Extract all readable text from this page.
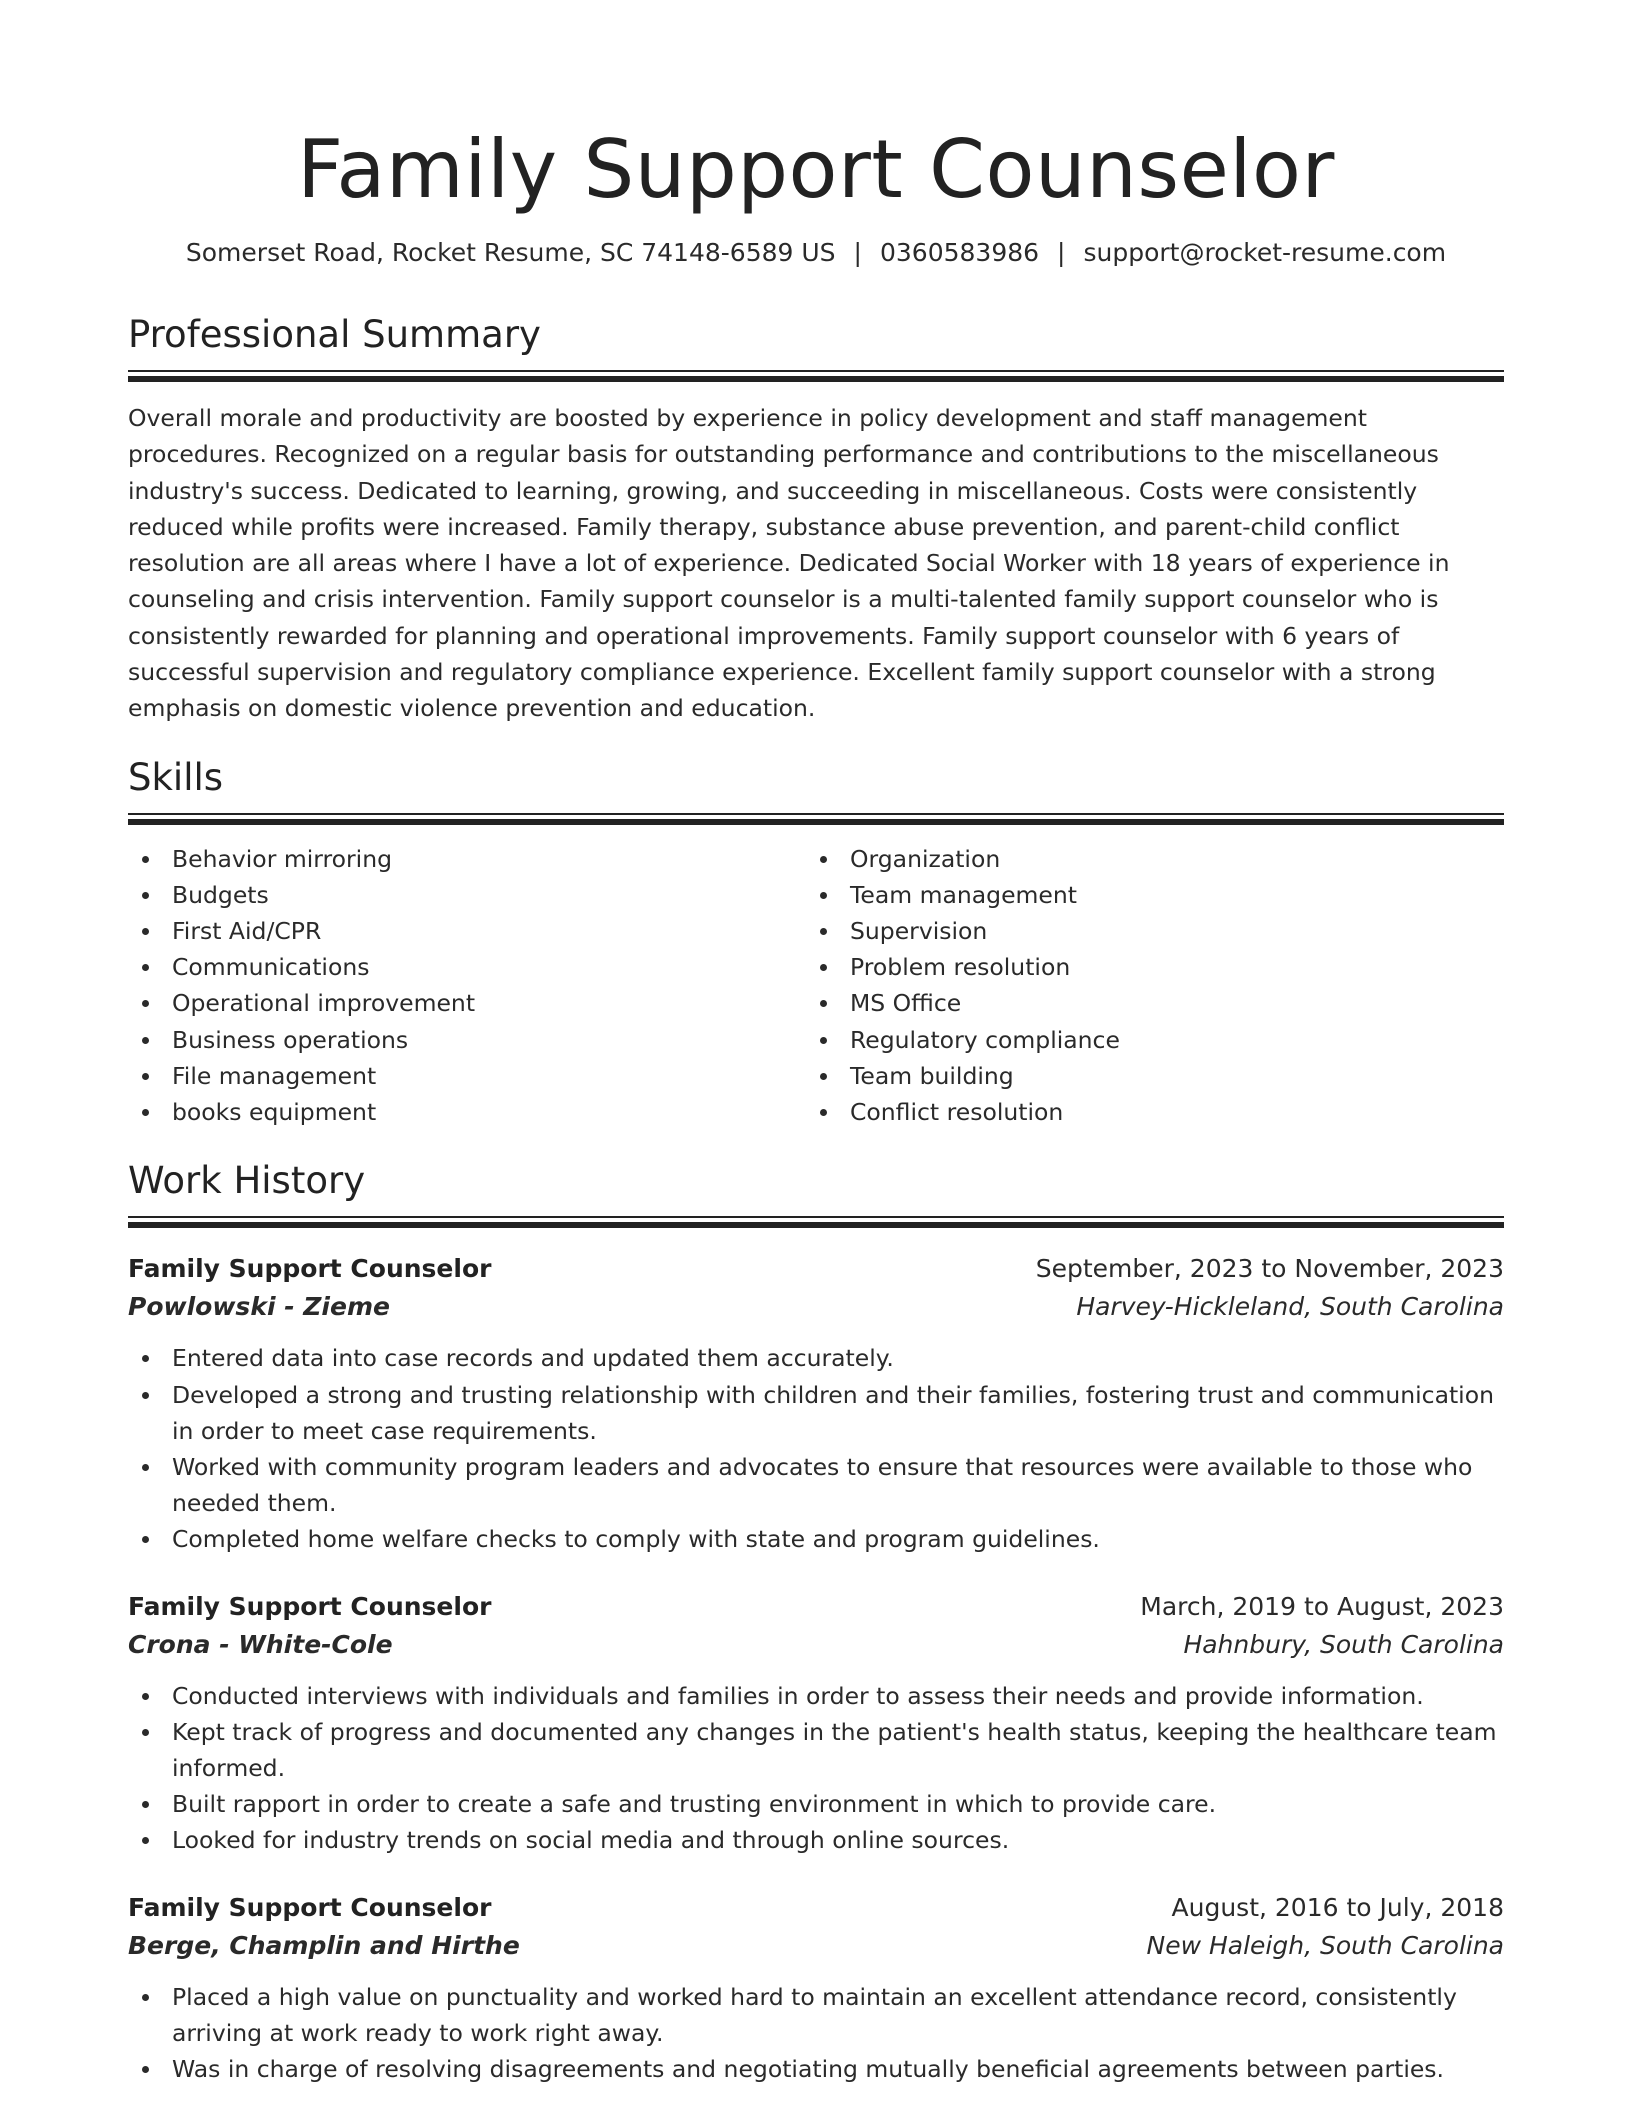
Family Support Counselor
Somerset Road, Rocket Resume, SC 74148-6589 US | 0360583986 | support@rocket-resume.com
Professional Summary
Overall morale and productivity are boosted by experience in policy development and staff management procedures. Recognized on a regular basis for outstanding performance and contributions to the miscellaneous industry's success. Dedicated to learning, growing, and succeeding in miscellaneous. Costs were consistently reduced while profits were increased. Family therapy, substance abuse prevention, and parent-child conflict resolution are all areas where I have a lot of experience. Dedicated Social Worker with 18 years of experience in counseling and crisis intervention. Family support counselor is a multi-talented family support counselor who is consistently rewarded for planning and operational improvements. Family support counselor with 6 years of successful supervision and regulatory compliance experience. Excellent family support counselor with a strong emphasis on domestic violence prevention and education.
Skills
Behavior mirroring
Budgets
First Aid/CPR
Communications
Operational improvement
Business operations
File management
books equipment
Organization
Team management
Supervision
Problem resolution
MS Office
Regulatory compliance
Team building
Conflict resolution
Work History
Family Support Counselor	September, 2023 to November, 2023
Powlowski - Zieme	Harvey-Hickleland, South Carolina
Entered data into case records and updated them accurately.
Developed a strong and trusting relationship with children and their families, fostering trust and communication in order to meet case requirements.
Worked with community program leaders and advocates to ensure that resources were available to those who needed them.
Completed home welfare checks to comply with state and program guidelines.
Family Support Counselor	March, 2019 to August, 2023
Crona - White-Cole	Hahnbury, South Carolina
Conducted interviews with individuals and families in order to assess their needs and provide information.
Kept track of progress and documented any changes in the patient's health status, keeping the healthcare team informed.
Built rapport in order to create a safe and trusting environment in which to provide care.
Looked for industry trends on social media and through online sources.
Family Support Counselor	August, 2016 to July, 2018
Berge, Champlin and Hirthe	New Haleigh, South Carolina
Placed a high value on punctuality and worked hard to maintain an excellent attendance record, consistently arriving at work ready to work right away.
Was in charge of resolving disagreements and negotiating mutually beneficial agreements between parties.
